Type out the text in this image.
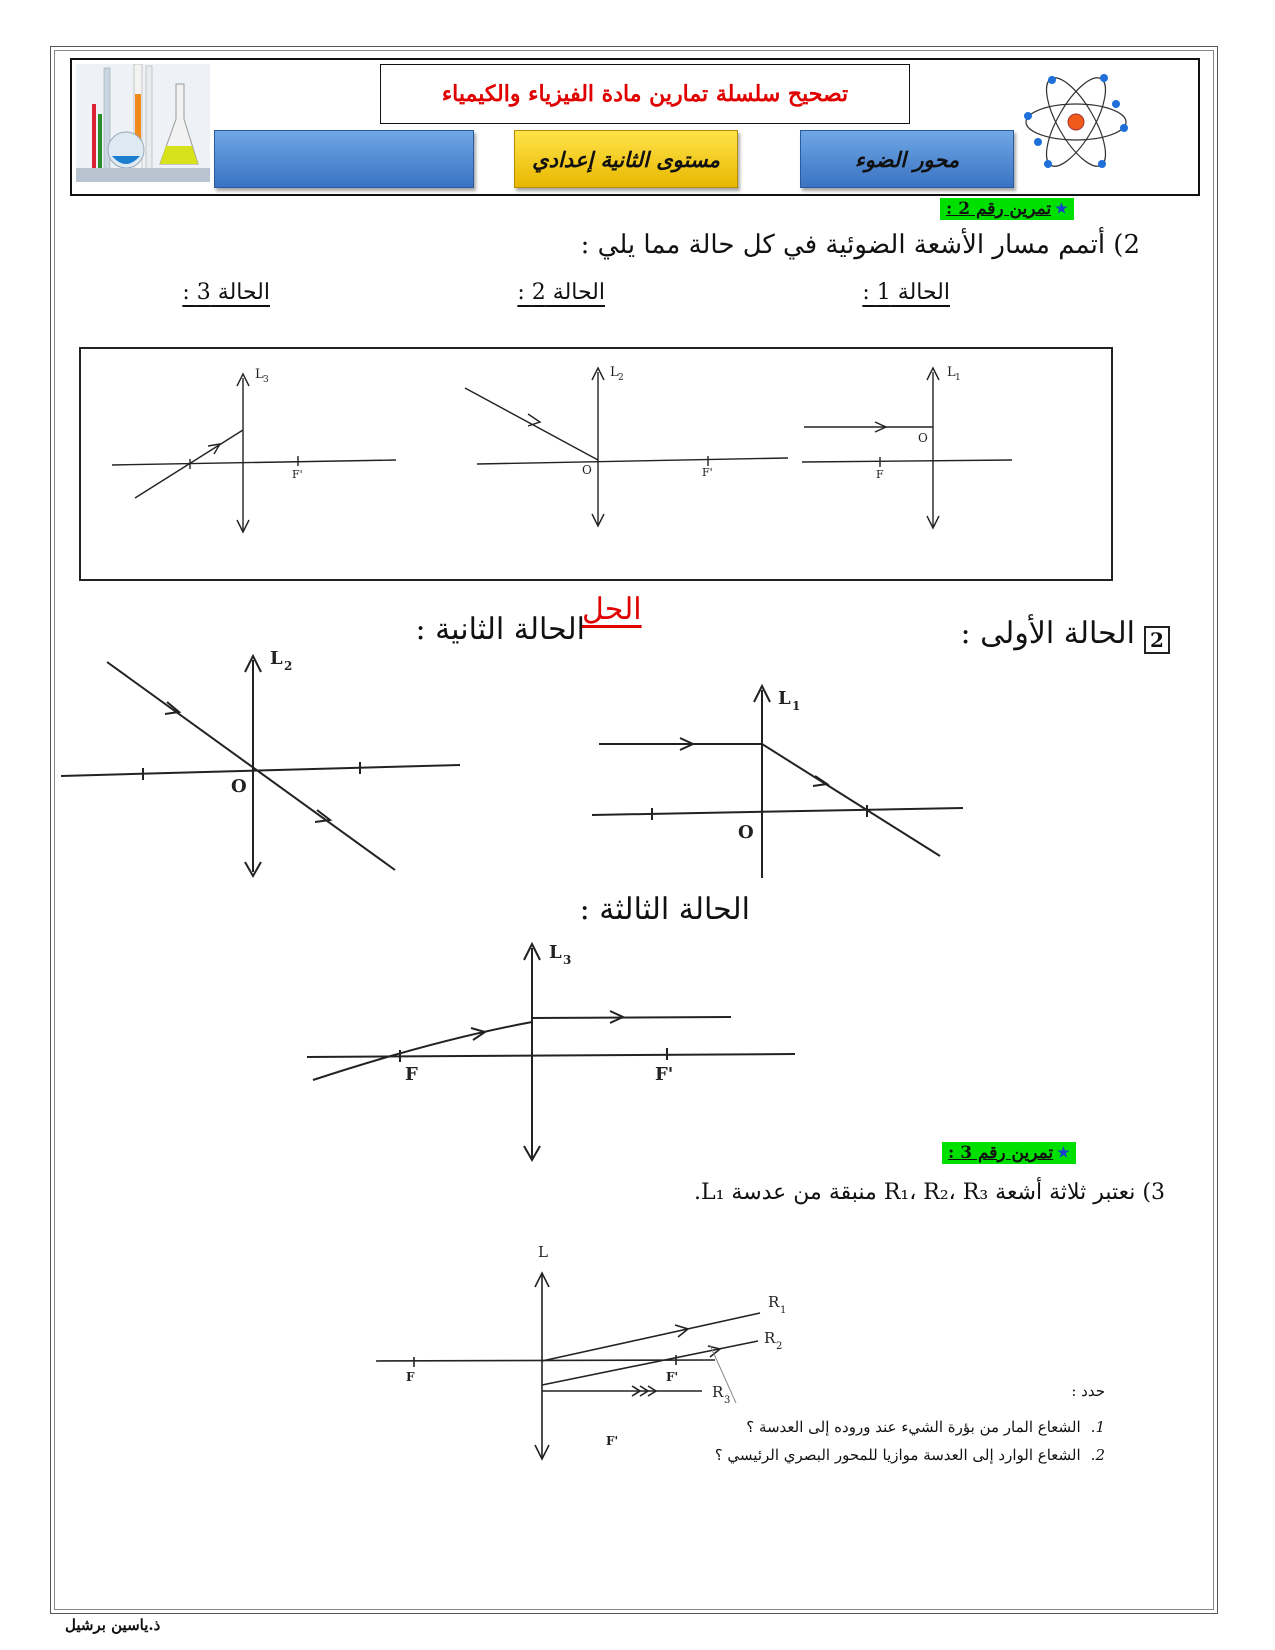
تصحيح سلسلة تمارين مادة الفيزياء والكيمياء
مستوى الثانية إعدادي	محور الضوء
★
تمرين رقم 2 :
2) أتمم مسار الأشعة الضوئية في كل حالة مما يلي :
الحالة 1 :
الحالة 2 :
الحالة 3 :
L 3
F'
L 2
O	F'
L 1
O
F
الحل
2
الحالة الأولى :
الحالة الثانية :
الحالة الثالثة :
L 2
O
L 1
O
L 3
F	F'
★
تمرين رقم 3 :
3) نعتبر ثلاثة أشعة R₁، R₂، R₃ منبقة من عدسة L₁.
L
R 1
R 2
R 3
F	F'
F'
حدد :
1.
الشعاع المار من بؤرة الشيء عند وروده إلى العدسة ؟
2.
الشعاع الوارد إلى العدسة موازيا للمحور البصري الرئيسي ؟
ذ.ياسين برشيل
